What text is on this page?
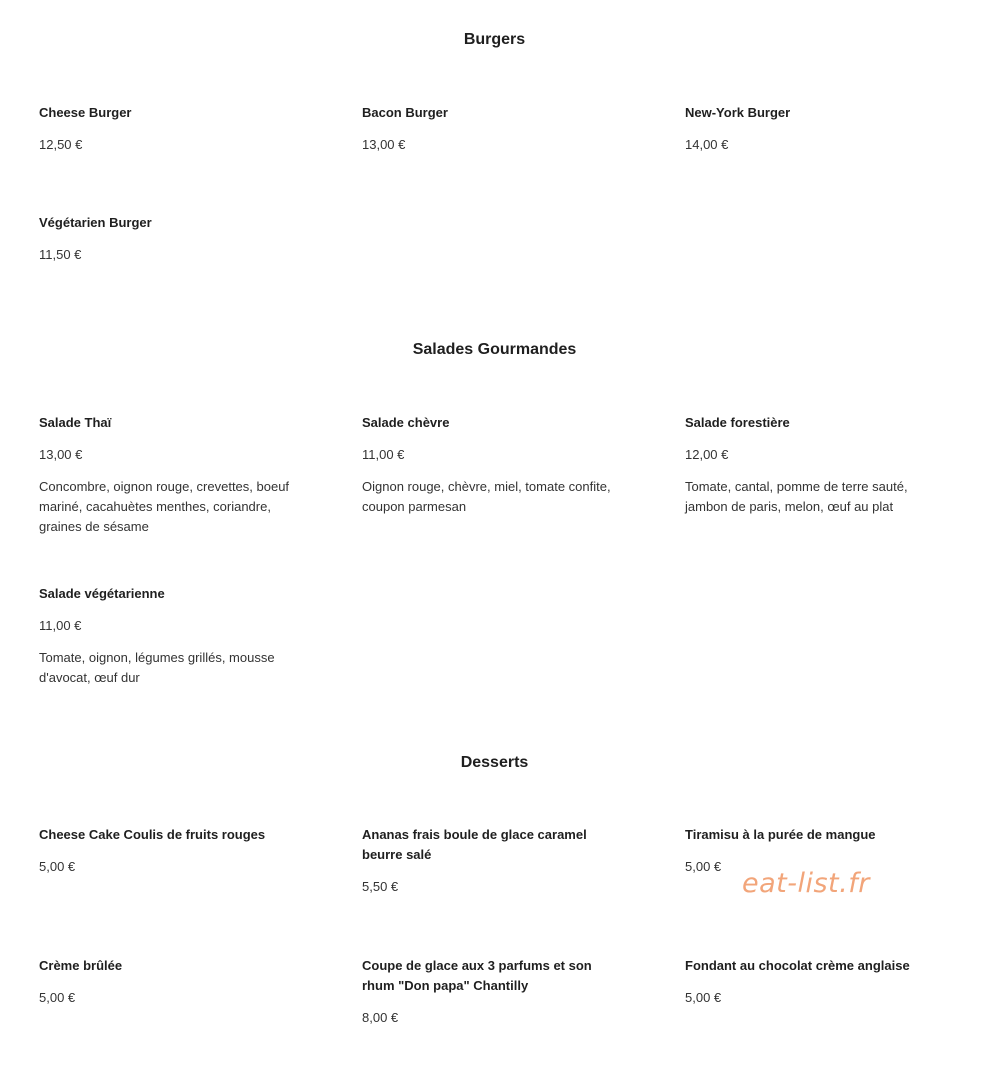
Burgers

Cheese Burger

12,50 €

Bacon Burger

13,00 €

New-York Burger

14,00 €

Végétarien Burger

11,50 €

Salades Gourmandes

Salade Thaï

13,00 €

Concombre, oignon rouge, crevettes, boeuf mariné, cacahuètes menthes, coriandre, graines de sésame

Salade chèvre

11,00 €

Oignon rouge, chèvre, miel, tomate confite, coupon parmesan

Salade forestière

12,00 €

Tomate, cantal, pomme de terre sauté, jambon de paris, melon, œuf au plat

Salade végétarienne

11,00 €

Tomate, oignon, légumes grillés, mousse d'avocat, œuf dur

Desserts

Cheese Cake Coulis de fruits rouges

5,00 €

Ananas frais boule de glace caramel beurre salé

5,50 €

Tiramisu à la purée de mangue

5,00 €

Crème brûlée

5,00 €

Coupe de glace aux 3 parfums et son rhum "Don papa" Chantilly

8,00 €

Fondant au chocolat crème anglaise

5,00 €

eat-list.fr
